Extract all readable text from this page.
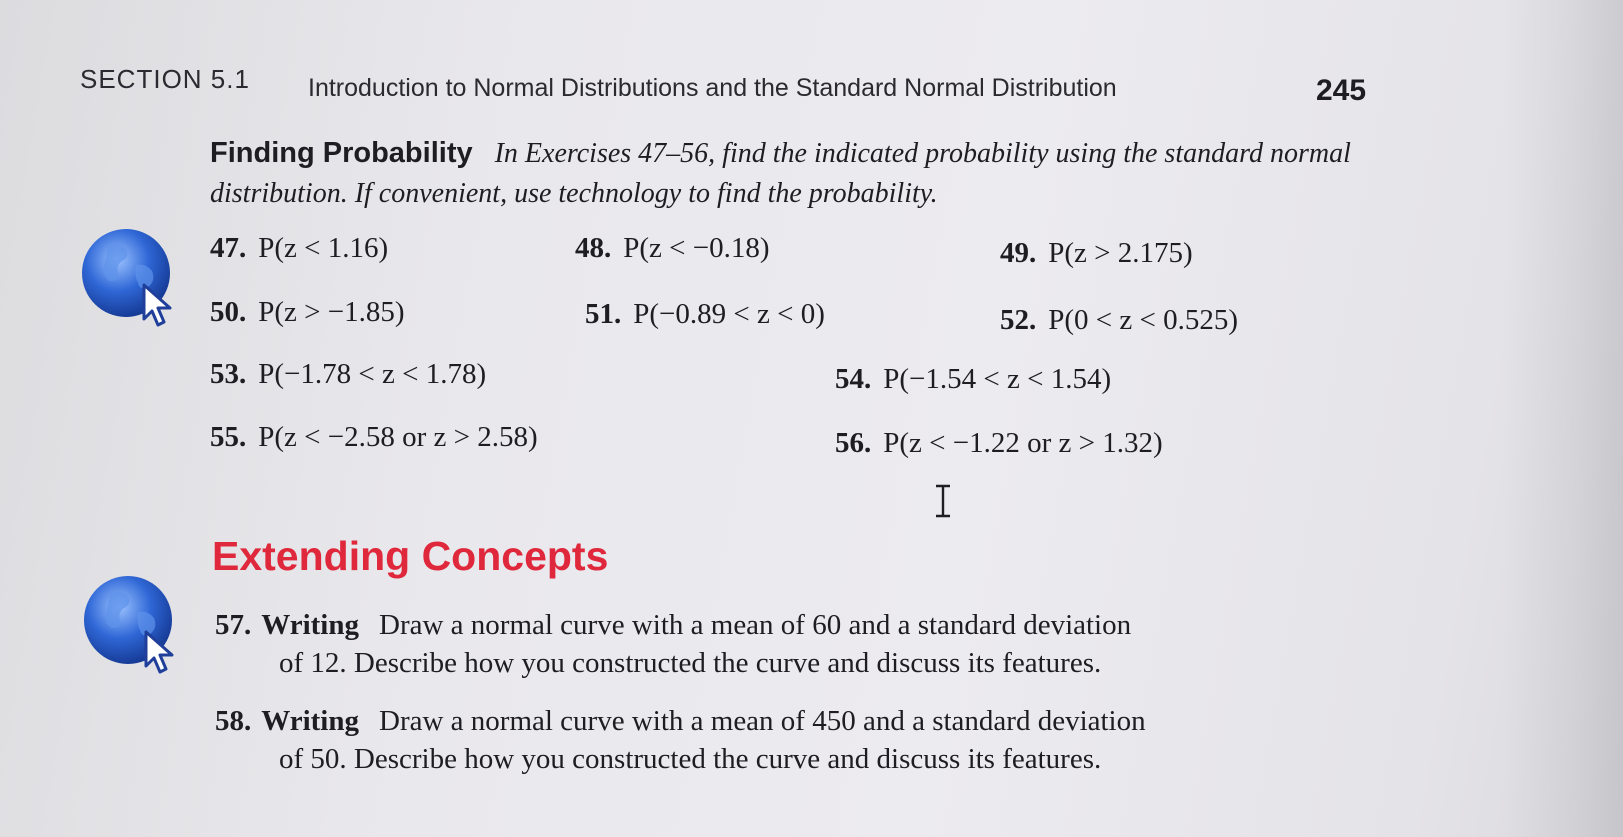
SECTION 5.1 Introduction to Normal Distributions and the Standard Normal Distribution	245
Finding Probability In Exercises 47–56, find the indicated probability using the standard normal distribution. If convenient, use technology to find the probability.
47. P(z < 1.16)	48. P(z < −0.18)	49. P(z > 2.175)
50. P(z > −1.85)	51. P(−0.89 < z < 0)	52. P(0 < z < 0.525)
53. P(−1.78 < z < 1.78)	54. P(−1.54 < z < 1.54)
55. P(z < −2.58 or z > 2.58)	56. P(z < −1.22 or z > 1.32)
Extending Concepts
57. Writing Draw a normal curve with a mean of 60 and a standard deviation
of 12. Describe how you constructed the curve and discuss its features.
58. Writing Draw a normal curve with a mean of 450 and a standard deviation
of 50. Describe how you constructed the curve and discuss its features.
